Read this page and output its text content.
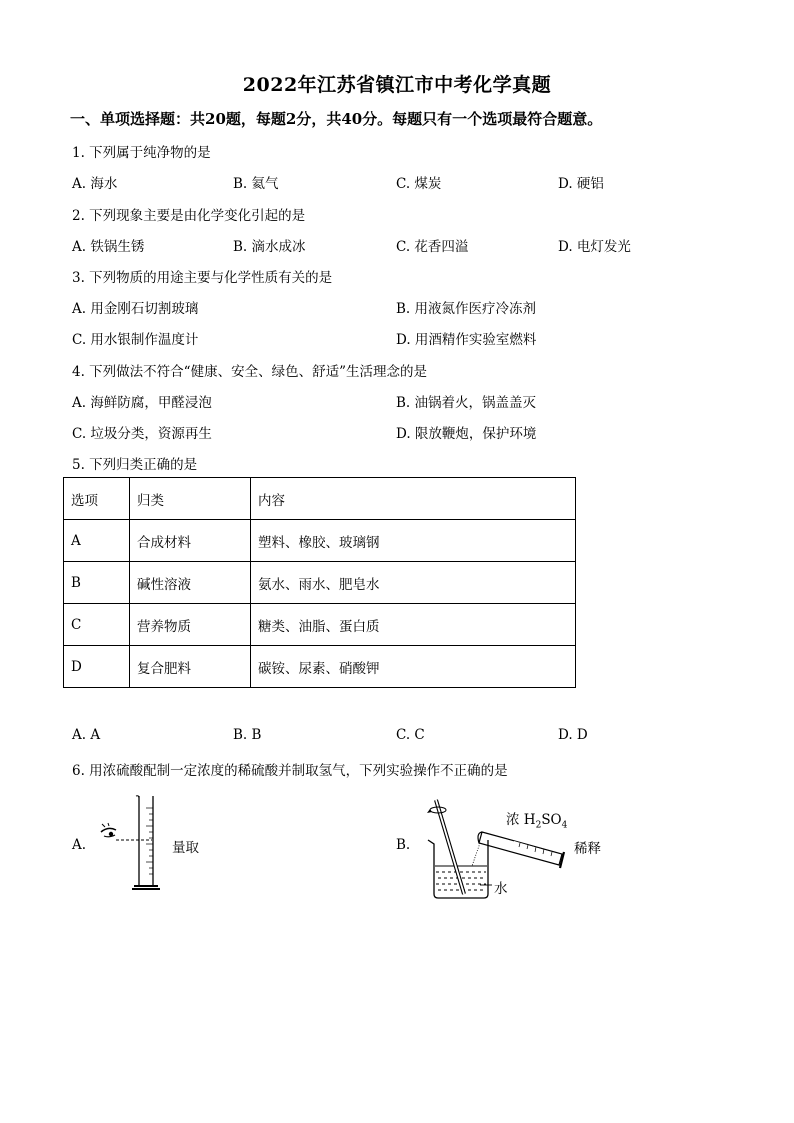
2022年江苏省镇江市中考化学真题
一、单项选择题：共20题，每题2分，共40分。每题只有一个选项最符合题意。
1. 下列属于纯净物的是
A. 海水	B. 氦气	C. 煤炭	D. 硬铝
2. 下列现象主要是由化学变化引起的是
A. 铁锅生锈	B. 滴水成冰	C. 花香四溢	D. 电灯发光
3. 下列物质的用途主要与化学性质有关的是
A. 用金刚石切割玻璃	B. 用液氮作医疗冷冻剂
C. 用水银制作温度计	D. 用酒精作实验室燃料
4. 下列做法不符合“健康、安全、绿色、舒适”生活理念的是
A. 海鲜防腐，甲醛浸泡	B. 油锅着火，锅盖盖灭
C. 垃圾分类，资源再生	D. 限放鞭炮，保护环境
5. 下列归类正确的是
选项	归类	内容
A	合成材料	塑料、橡胶、玻璃钢
B	碱性溶液	氨水、雨水、肥皂水
C	营养物质	糖类、油脂、蛋白质
D	复合肥料	碳铵、尿素、硝酸钾
A. A	B. B	C. C	D. D
6. 用浓硫酸配制一定浓度的稀硫酸并制取氢气，下列实验操作不正确的是
A.	量取	B.
浓 $H_2SO_4$
稀释
水
